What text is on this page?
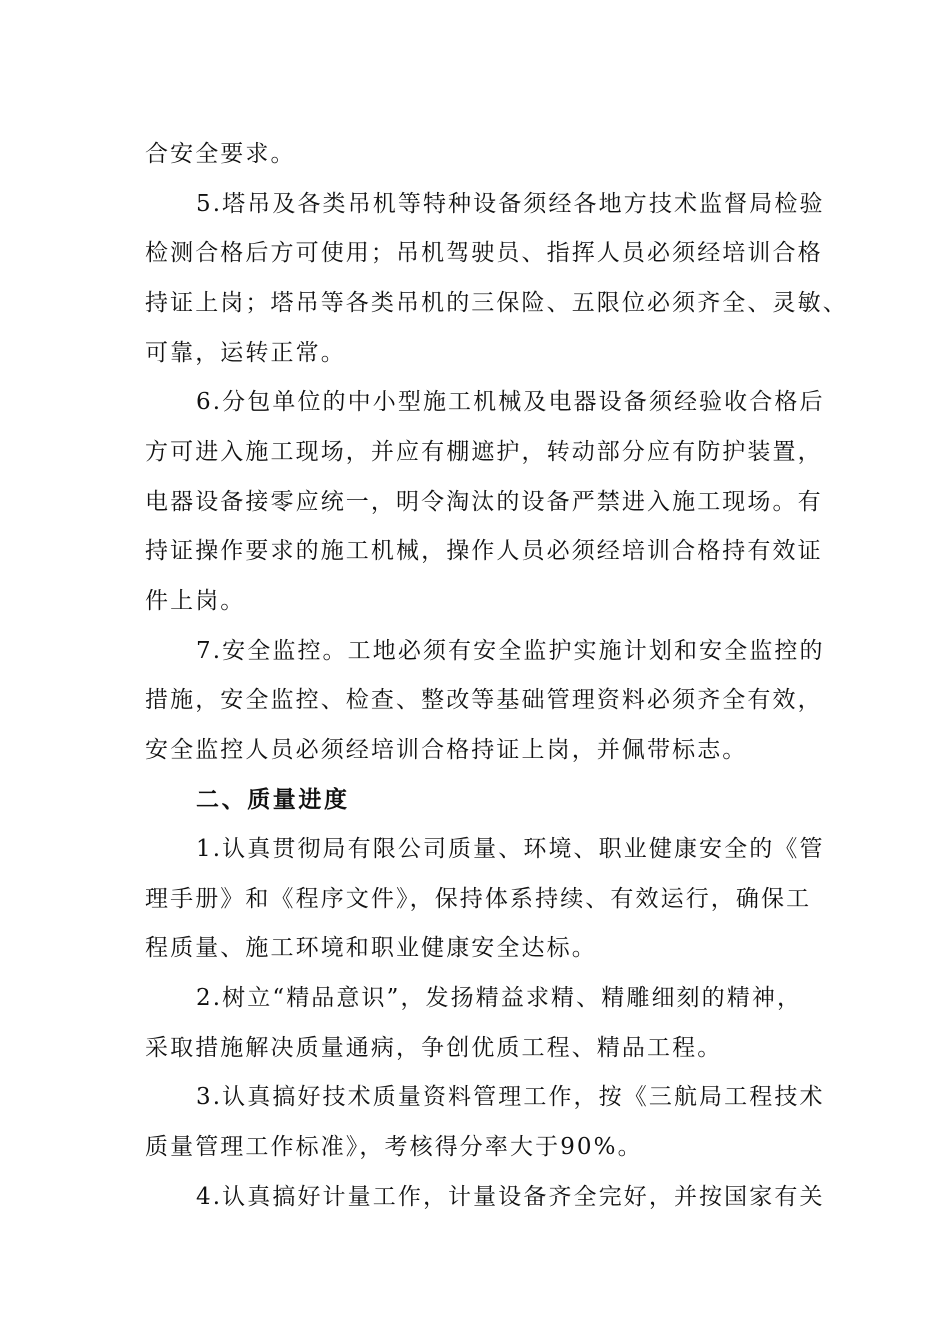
合安全要求。
5.塔吊及各类吊机等特种设备须经各地方技术监督局检验
检测合格后方可使用；吊机驾驶员、指挥人员必须经培训合格
持证上岗；塔吊等各类吊机的三保险、五限位必须齐全、灵敏、
可靠，运转正常。
6.分包单位的中小型施工机械及电器设备须经验收合格后
方可进入施工现场，并应有棚遮护，转动部分应有防护装置，
电器设备接零应统一，明令淘汰的设备严禁进入施工现场。有
持证操作要求的施工机械，操作人员必须经培训合格持有效证
件上岗。
7.安全监控。工地必须有安全监护实施计划和安全监控的
措施，安全监控、检查、整改等基础管理资料必须齐全有效，
安全监控人员必须经培训合格持证上岗，并佩带标志。
二、质量进度
1.认真贯彻局有限公司质量、环境、职业健康安全的《管
理手册》和《程序文件》，保持体系持续、有效运行，确保工
程质量、施工环境和职业健康安全达标。
2.树立“精品意识”，发扬精益求精、精雕细刻的精神，
采取措施解决质量通病，争创优质工程、精品工程。
3.认真搞好技术质量资料管理工作，按《三航局工程技术
质量管理工作标准》，考核得分率大于90%。
4.认真搞好计量工作，计量设备齐全完好，并按国家有关
